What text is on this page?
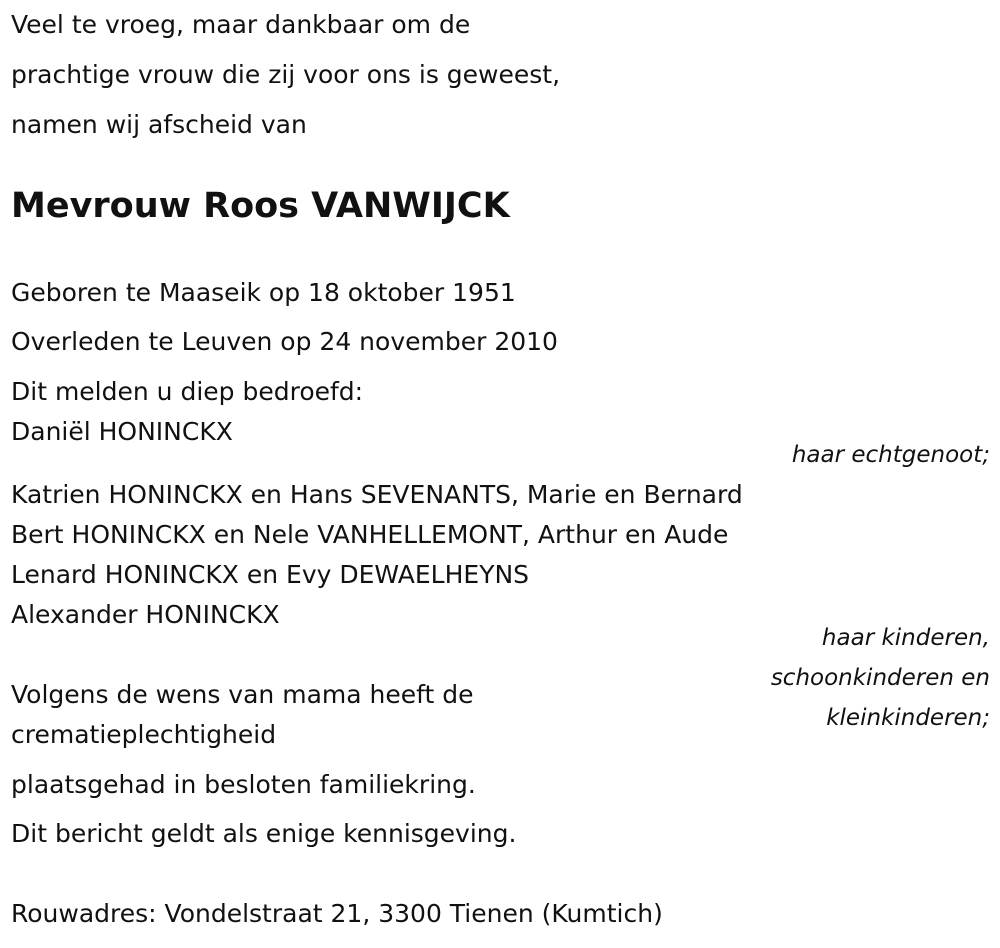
Veel te vroeg, maar dankbaar om de
prachtige vrouw die zij voor ons is geweest,
namen wij afscheid van
Mevrouw Roos VANWIJCK
Geboren te Maaseik op 18 oktober 1951
Overleden te Leuven op 24 november 2010
Dit melden u diep bedroefd:
Daniël HONINCKX
haar echtgenoot;
Katrien HONINCKX en Hans SEVENANTS, Marie en Bernard
Bert HONINCKX en Nele VANHELLEMONT, Arthur en Aude
Lenard HONINCKX en Evy DEWAELHEYNS
Alexander HONINCKX
haar kinderen,
schoonkinderen en
kleinkinderen;
Volgens de wens van mama heeft de
crematieplechtigheid
plaatsgehad in besloten familiekring.
Dit bericht geldt als enige kennisgeving.
Rouwadres: Vondelstraat 21, 3300 Tienen (Kumtich)
